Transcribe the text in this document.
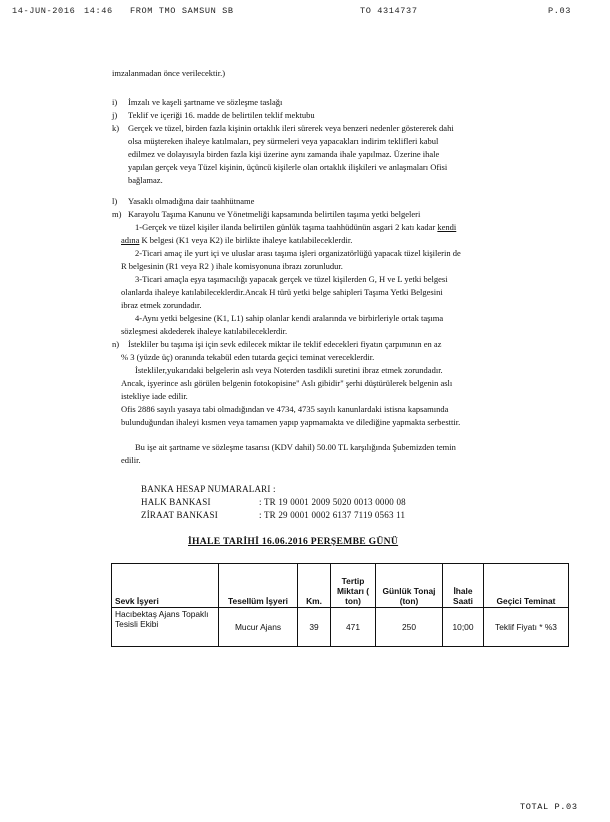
14-JUN-2016 14:46 FROM TMO SAMSUN SB	TO 4314737	P.03
imzalanmadan önce verilecektir.)
i) İmzalı ve kaşeli şartname ve sözleşme taslağı
j) Teklif ve içeriği 16. madde de belirtilen teklif mektubu
k) Gerçek ve tüzel, birden fazla kişinin ortaklık ileri sürerek veya benzeri nedenler göstererek dahi
olsa müştereken ihaleye katılmaları, pey sürmeleri veya yapacakları indirim teklifleri kabul
edilmez ve dolayısıyla birden fazla kişi üzerine aynı zamanda ihale yapılmaz. Üzerine ihale
yapılan gerçek veya Tüzel kişinin, üçüncü kişilerle olan ortaklık ilişkileri ve anlaşmaları Ofisi
bağlamaz.
l) Yasaklı olmadığına dair taahhütname
m) Karayolu Taşıma Kanunu ve Yönetmeliği kapsamında belirtilen taşıma yetki belgeleri
1-Gerçek ve tüzel kişiler ilanda belirtilen günlük taşıma taahhüdünün asgari 2 katı kadar kendi
adına K belgesi (K1 veya K2) ile birlikte ihaleye katılabileceklerdir.
2-Ticari amaç ile yurt içi ve uluslar arası taşıma işleri organizatörlüğü yapacak tüzel kişilerin de
R belgesinin (R1 veya R2 ) ihale komisyonuna ibrazı zorunludur.
3-Ticari amaçla eşya taşımacılığı yapacak gerçek ve tüzel kişilerden G, H ve L yetki belgesi
olanlarda ihaleye katılabileceklerdir.Ancak H türü yetki belge sahipleri Taşıma Yetki Belgesini
ibraz etmek zorundadır.
4-Aynı yetki belgesine (K1, L1) sahip olanlar kendi aralarında ve birbirleriyle ortak taşıma
sözleşmesi akdederek ihaleye katılabileceklerdir.
n) İstekliler bu taşıma işi için sevk edilecek miktar ile teklif edecekleri fiyatın çarpımının en az
% 3 (yüzde üç) oranında tekabül eden tutarda geçici teminat vereceklerdir.
İstekliler,yukarıdaki belgelerin aslı veya Noterden tasdikli suretini ibraz etmek zorundadır.
Ancak, işyerince aslı görülen belgenin fotokopisine" Aslı gibidir" şerhi düştürülerek belgenin aslı
istekliye iade edilir.
Ofis 2886 sayılı yasaya tabi olmadığından ve 4734, 4735 sayılı kanunlardaki istisna kapsamında
bulunduğundan ihaleyi kısmen veya tamamen yapıp yapmamakta ve dilediğine yapmakta serbesttir.
Bu işe ait şartname ve sözleşme tasarısı (KDV dahil) 50.00 TL karşılığında Şubemizden temin
edilir.
BANKA HESAP NUMARALARI :
HALK BANKASI	: TR 19 0001 2009 5020 0013 0000 08
ZİRAAT BANKASI	: TR 29 0001 0002 6137 7119 0563 11
İHALE TARİHİ 16.06.2016 PERŞEMBE GÜNÜ
Sevk İşyeri	Tesellüm İşyeri	Km.	Tertip Miktarı ( ton)	Günlük Tonaj (ton)	İhale Saati	Geçici Teminat
Hacıbektaş Ajans Topaklı Tesisli Ekibi	Mucur Ajans	39	471	250	10;00	Teklif Fiyatı * %3
TOTAL P.03
